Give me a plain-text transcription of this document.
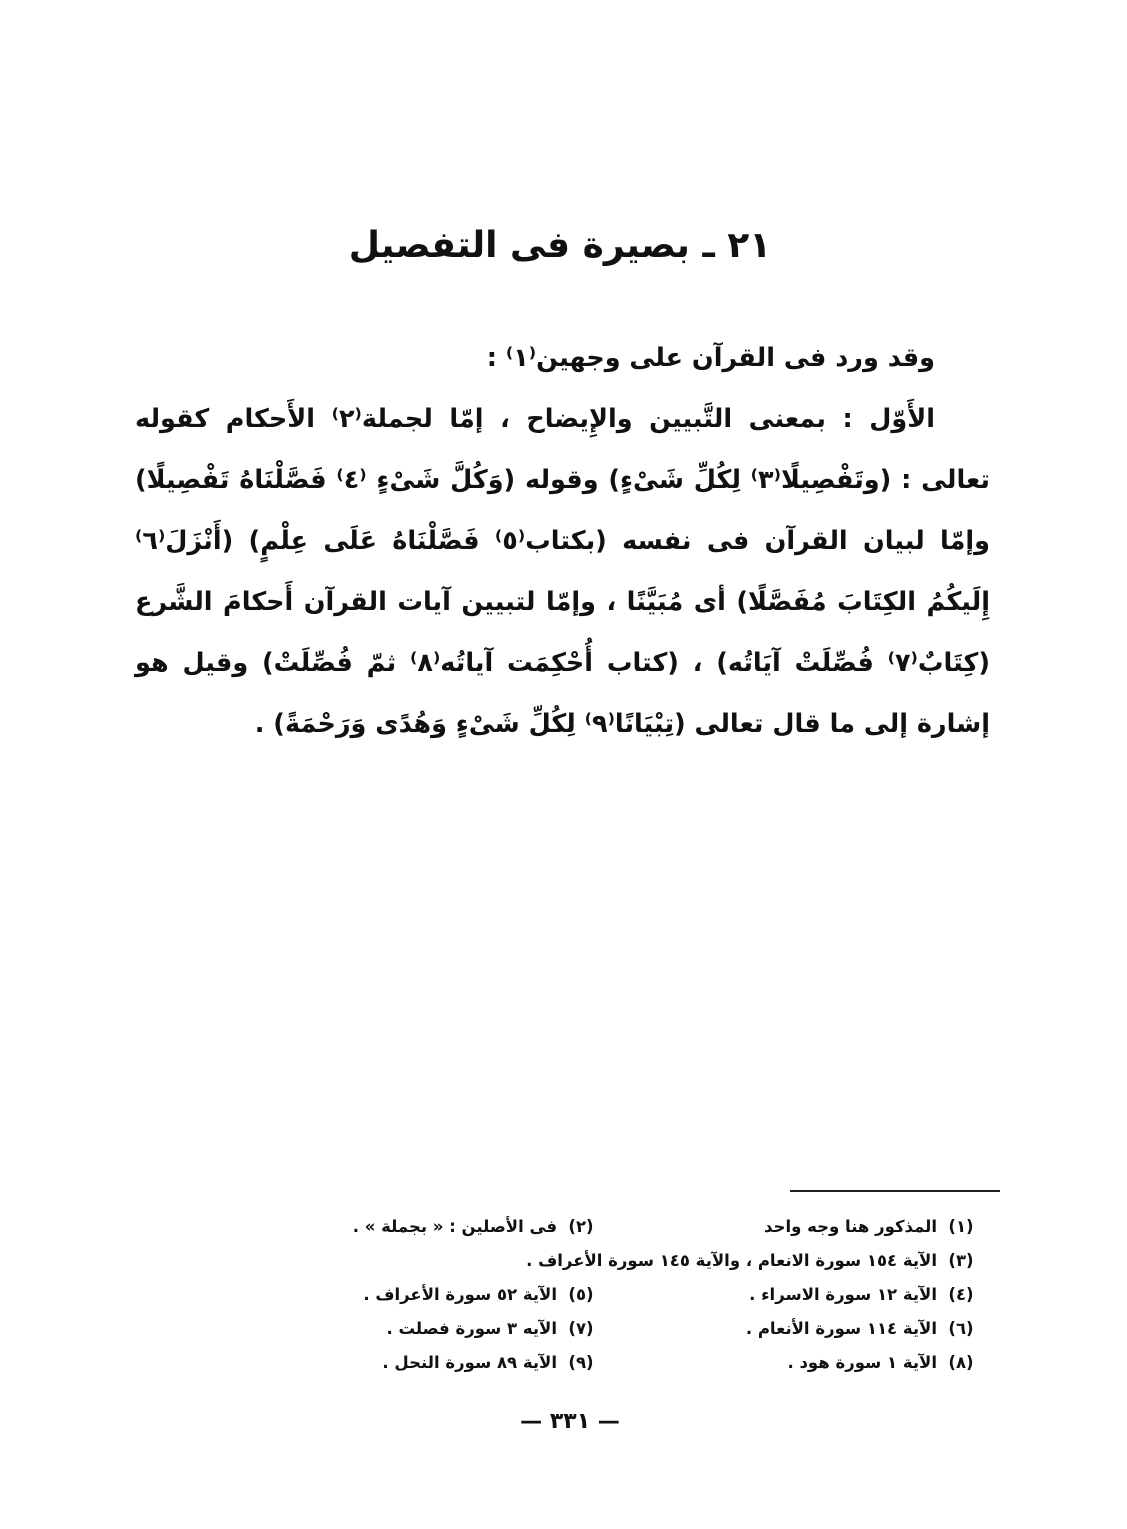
٢١ ـ بصيرة فى التفصيل

وقد ورد فى القرآن على وجهين⁽١⁾ :

الأَوّل : بمعنى التَّبيين والإِيضاح ، إمّا لجملة⁽٢⁾ الأَحكام كقوله تعالى : (وتَفْصِيلًا⁽٣⁾ لِكُلِّ شَىْءٍ) وقوله (وَكُلَّ شَىْءٍ ⁽٤⁾ فَصَّلْنَاهُ تَفْصِيلًا) وإمّا لبيان القرآن فى نفسه (بكتاب⁽٥⁾ فَصَّلْنَاهُ عَلَى عِلْمٍ) (أَنْزَلَ⁽٦⁾ إِلَيكُمُ الكِتَابَ مُفَصَّلًا) أى مُبَيَّنًا ، وإمّا لتبيين آيات القرآن أَحكامَ الشَّرع (كِتَابٌ⁽٧⁾ فُصِّلَتْ آيَاتُه) ، (كتاب أُحْكِمَت آياتُه⁽٨⁾ ثمّ فُصِّلَتْ) وقيل هو إشارة إلى ما قال تعالى (تِبْيَانًا⁽٩⁾ لِكُلِّ شَىْءٍ وَهُدًى وَرَحْمَةً) .

(١)
المذكور هنا وجه واحد
(٢)
فى الأصلين : « بجملة » .
(٣)
الآية ١٥٤ سورة الانعام ، والآية ١٤٥ سورة الأعراف .
(٤)
الآية ١٢ سورة الاسراء .
(٥)
الآية ٥٢ سورة الأعراف .
(٦)
الآية ١١٤ سورة الأنعام .
(٧)
الآيه ٣ سورة فصلت .
(٨)
الآية ١ سورة هود .
(٩)
الآية ٨٩ سورة النحل .
— ٣٣١ —
